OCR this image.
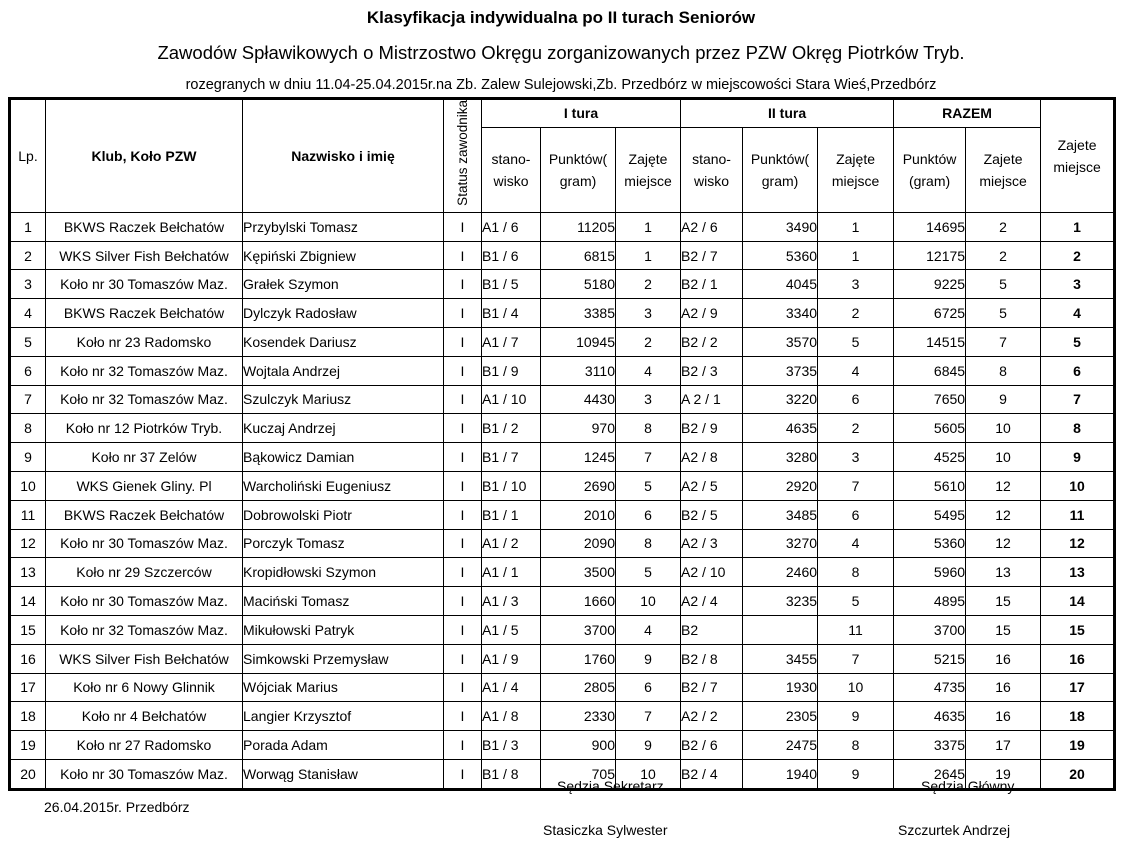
Klasyfikacja indywidualna po II turach Seniorów
Zawodów Spławikowych o Mistrzostwo Okręgu zorganizowanych przez PZW Okręg Piotrków Tryb.
rozegranych w dniu 11.04-25.04.2015r.na Zb. Zalew Sulejowski,Zb. Przedbórz w miejscowości Stara Wieś,Przedbórz
Lp.	Klub, Koło PZW	Nazwisko i imię	Status zawodnika	I tura			II tura			RAZEM		Zajete miejsce
				stano- wisko	Punktów( gram)	Zajęte miejsce	stano- wisko	Punktów( gram)	Zajęte miejsce	Punktów (gram)	Zajete miejsce	
1	BKWS Raczek Bełchatów	Przybylski Tomasz	I	A1 / 6	11205	1	A2 / 6	3490	1	14695	2	1
2	WKS Silver Fish Bełchatów	Kępiński Zbigniew	I	B1 / 6	6815	1	B2 / 7	5360	1	12175	2	2
3	Koło nr 30 Tomaszów Maz.	Grałek Szymon	I	B1 / 5	5180	2	B2 / 1	4045	3	9225	5	3
4	BKWS Raczek Bełchatów	Dylczyk Radosław	I	B1 / 4	3385	3	A2 / 9	3340	2	6725	5	4
5	Koło nr 23 Radomsko	Kosendek Dariusz	I	A1 / 7	10945	2	B2 / 2	3570	5	14515	7	5
6	Koło nr 32 Tomaszów Maz.	Wojtala Andrzej	I	B1 / 9	3110	4	B2 / 3	3735	4	6845	8	6
7	Koło nr 32 Tomaszów Maz.	Szulczyk Mariusz	I	A1 / 10	4430	3	A 2 / 1	3220	6	7650	9	7
8	Koło nr 12 Piotrków Tryb.	Kuczaj Andrzej	I	B1 / 2	970	8	B2 / 9	4635	2	5605	10	8
9	Koło nr 37 Zelów	Bąkowicz Damian	I	B1 / 7	1245	7	A2 / 8	3280	3	4525	10	9
10	WKS Gienek Gliny. Pl	Warcholiński Eugeniusz	I	B1 / 10	2690	5	A2 / 5	2920	7	5610	12	10
11	BKWS Raczek Bełchatów	Dobrowolski Piotr	I	B1 / 1	2010	6	B2 / 5	3485	6	5495	12	11
12	Koło nr 30 Tomaszów Maz.	Porczyk Tomasz	I	A1 / 2	2090	8	A2 / 3	3270	4	5360	12	12
13	Koło nr 29 Szczerców	Kropidłowski Szymon	I	A1 / 1	3500	5	A2 / 10	2460	8	5960	13	13
14	Koło nr 30 Tomaszów Maz.	Maciński Tomasz	I	A1 / 3	1660	10	A2 / 4	3235	5	4895	15	14
15	Koło nr 32 Tomaszów Maz.	Mikułowski Patryk	I	A1 / 5	3700	4	B2		11	3700	15	15
16	WKS Silver Fish Bełchatów	Simkowski Przemysław	I	A1 / 9	1760	9	B2 / 8	3455	7	5215	16	16
17	Koło nr 6 Nowy Glinnik	Wójciak Marius	I	A1 / 4	2805	6	B2 / 7	1930	10	4735	16	17
18	Koło nr 4 Bełchatów	Langier Krzysztof	I	A1 / 8	2330	7	A2 / 2	2305	9	4635	16	18
19	Koło nr 27 Radomsko	Porada Adam	I	B1 / 3	900	9	B2 / 6	2475	8	3375	17	19
20	Koło nr 30 Tomaszów Maz.	Worwąg Stanisław	I	B1 / 8	705	10	B2 / 4	1940	9	2645	19	20
Sędzia Sekretarz
26.04.2015r. Przedbórz
Stasiczka Sylwester
Sędzia Główny
Szczurtek Andrzej
